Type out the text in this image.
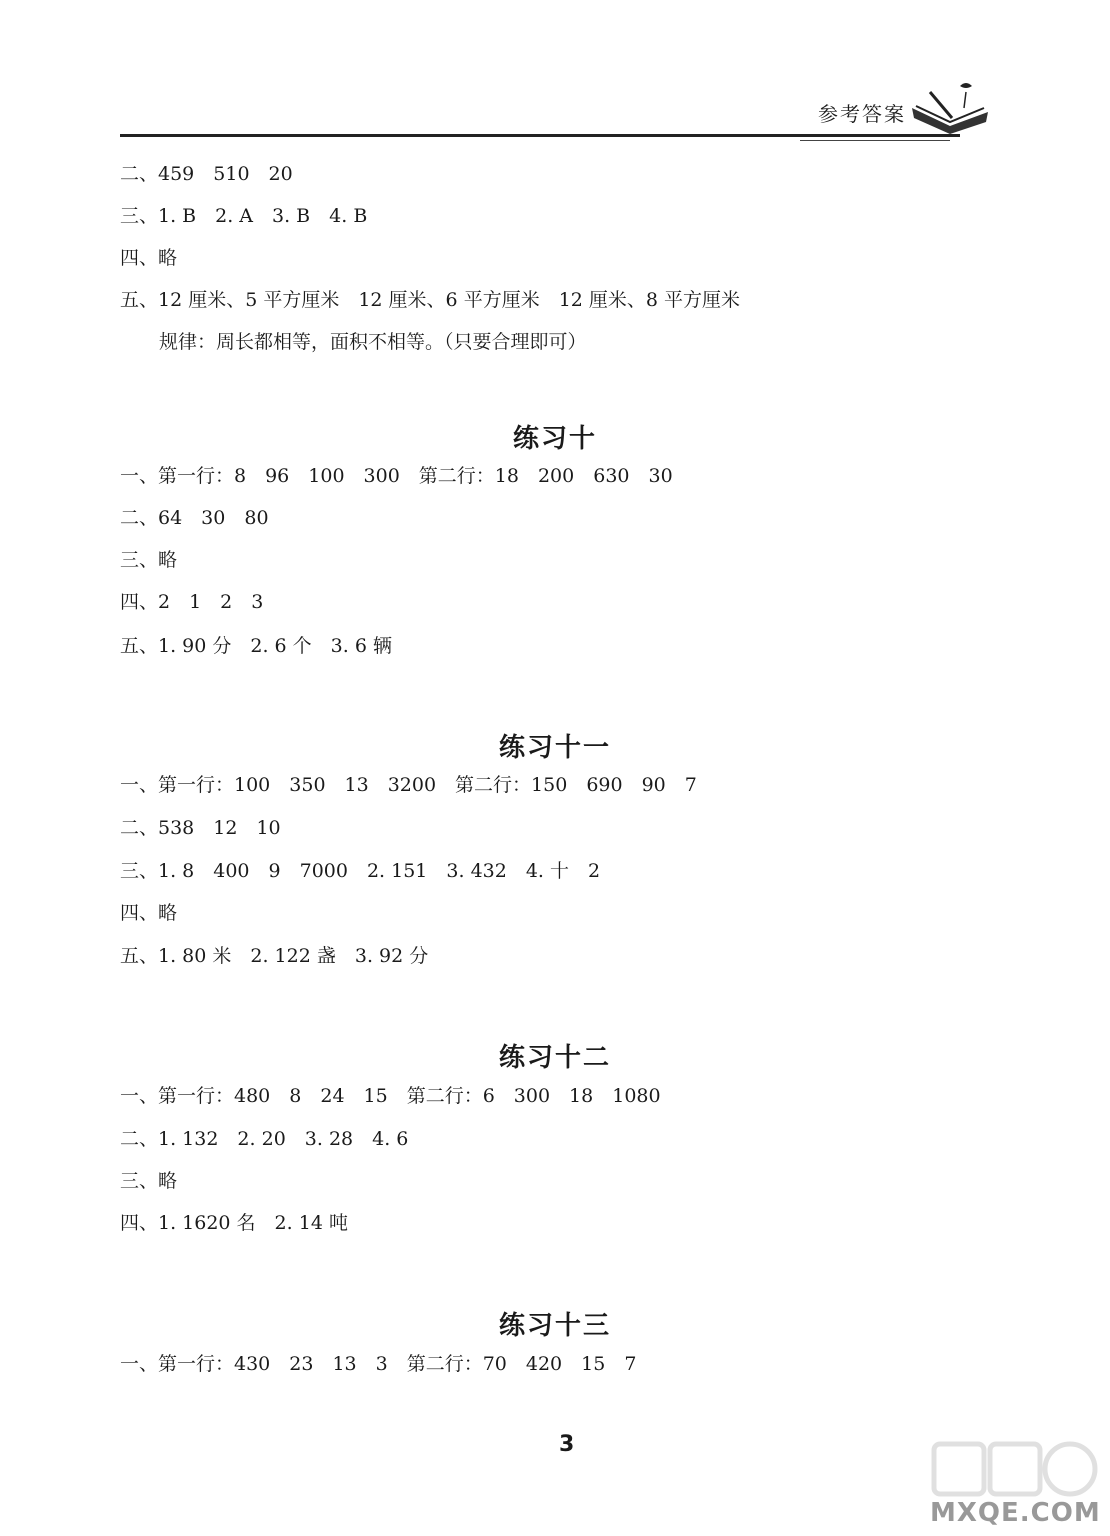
参考答案
二、459　510　20
三、1. B　2. A　3. B　4. B
四、略
五、12 厘米、5 平方厘米　12 厘米、6 平方厘米　12 厘米、8 平方厘米
　规律：周长都相等，面积不相等。（只要合理即可）
练习十
一、第一行：8　96　100　300　第二行：18　200　630　30
二、64　30　80
三、略
四、2　1　2　3
五、1. 90 分　2. 6 个　3. 6 辆
练习十一
一、第一行：100　350　13　3200　第二行：150　690　90　7
二、538　12　10
三、1. 8　400　9　7000　2. 151　3. 432　4. 十　2
四、略
五、1. 80 米　2. 122 盏　3. 92 分
练习十二
一、第一行：480　8　24　15　第二行：6　300　18　1080
二、1. 132　2. 20　3. 28　4. 6
三、略
四、1. 1620 名　2. 14 吨
练习十三
一、第一行：430　23　13　3　第二行：70　420　15　7
3
MXQE.COM
